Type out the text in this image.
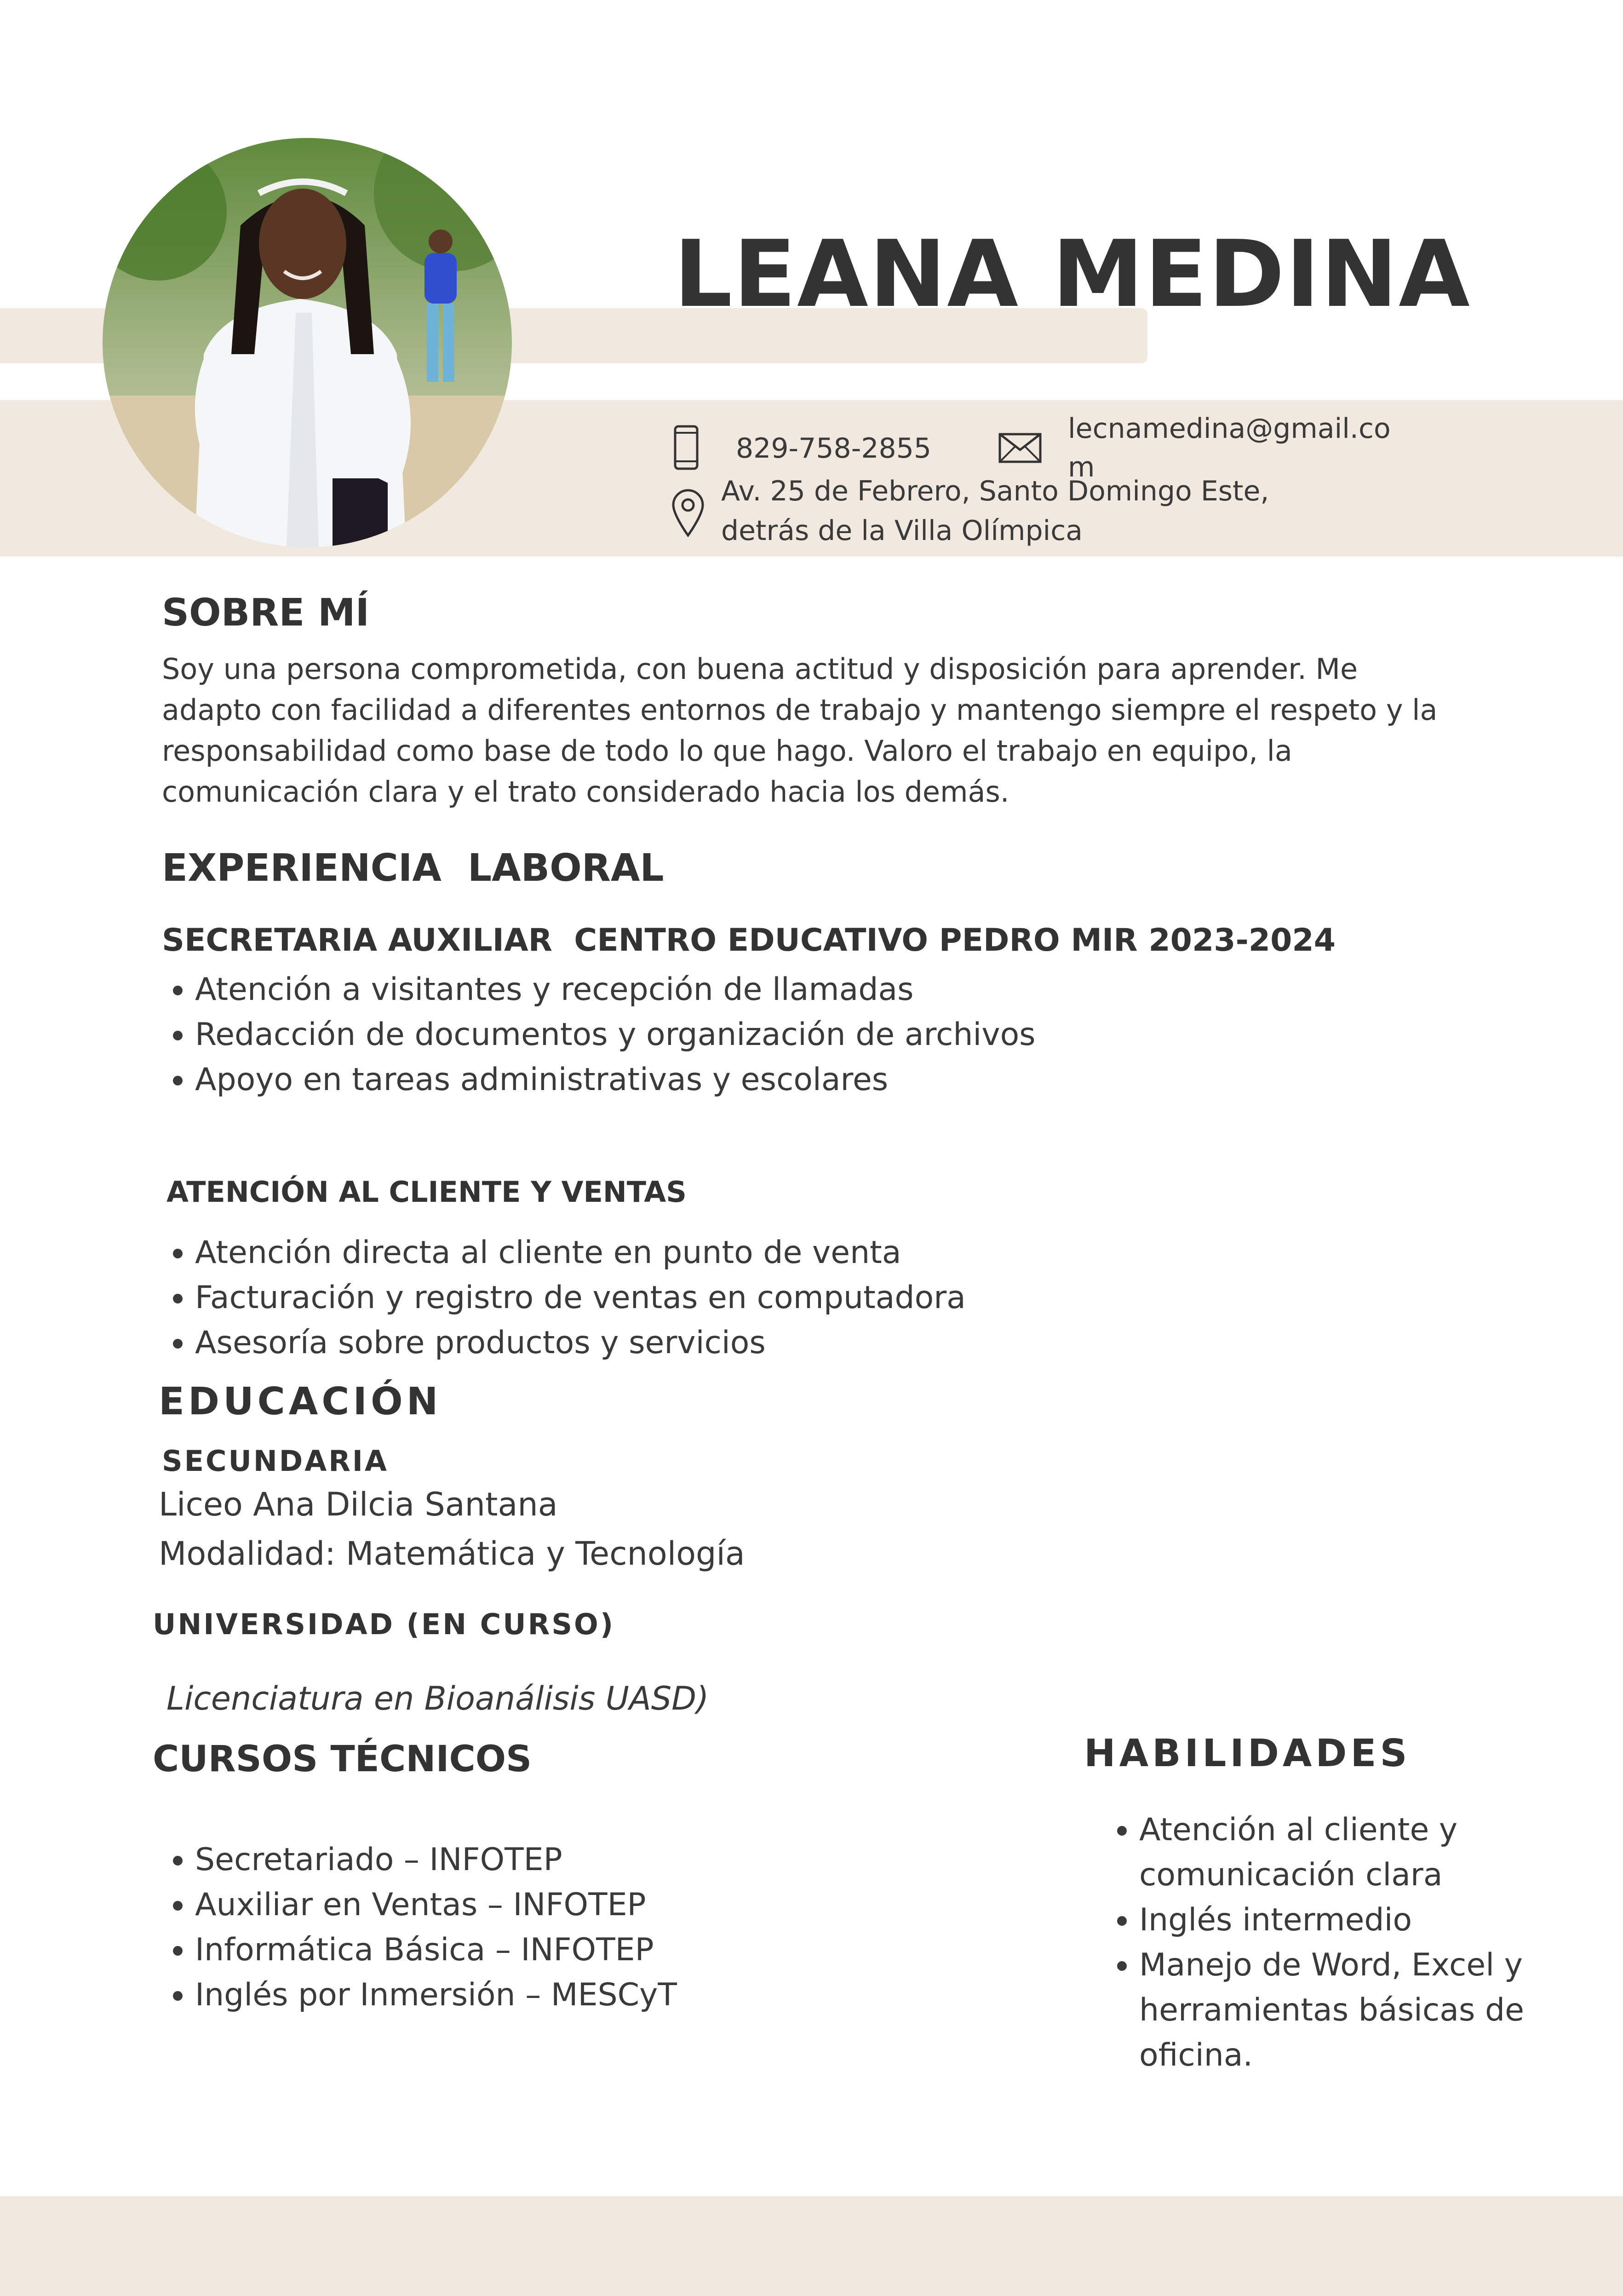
LEANA MEDINA
829-758-2855
lecnamedina@gmail.com
Av. 25 de Febrero, Santo Domingo Este, detrás de la Villa Olímpica
SOBRE MÍ

Soy una persona comprometida, con buena actitud y disposición para aprender. Me adapto con facilidad a diferentes entornos de trabajo y mantengo siempre el respeto y la responsabilidad como base de todo lo que hago. Valoro el trabajo en equipo, la comunicación clara y el trato considerado hacia los demás.

EXPERIENCIA  LABORAL
SECRETARIA AUXILIAR  CENTRO EDUCATIVO PEDRO MIR 2023-2024
• Atención a visitantes y recepción de llamadas
• Redacción de documentos y organización de archivos
• Apoyo en tareas administrativas y escolares
ATENCIÓN AL CLIENTE Y VENTAS
• Atención directa al cliente en punto de venta
• Facturación y registro de ventas en computadora
• Asesoría sobre productos y servicios
EDUCACIÓN
SECUNDARIA

Liceo Ana Dilcia Santana

Modalidad: Matemática y Tecnología

UNIVERSIDAD (EN CURSO)

Licenciatura en Bioanálisis UASD)

CURSOS TÉCNICOS
• Secretariado – INFOTEP
• Auxiliar en Ventas – INFOTEP
• Informática Básica – INFOTEP
• Inglés por Inmersión – MESCyT
HABILIDADES
• Atención al cliente y comunicación clara
• Inglés intermedio
• Manejo de Word, Excel y herramientas básicas de oficina.
